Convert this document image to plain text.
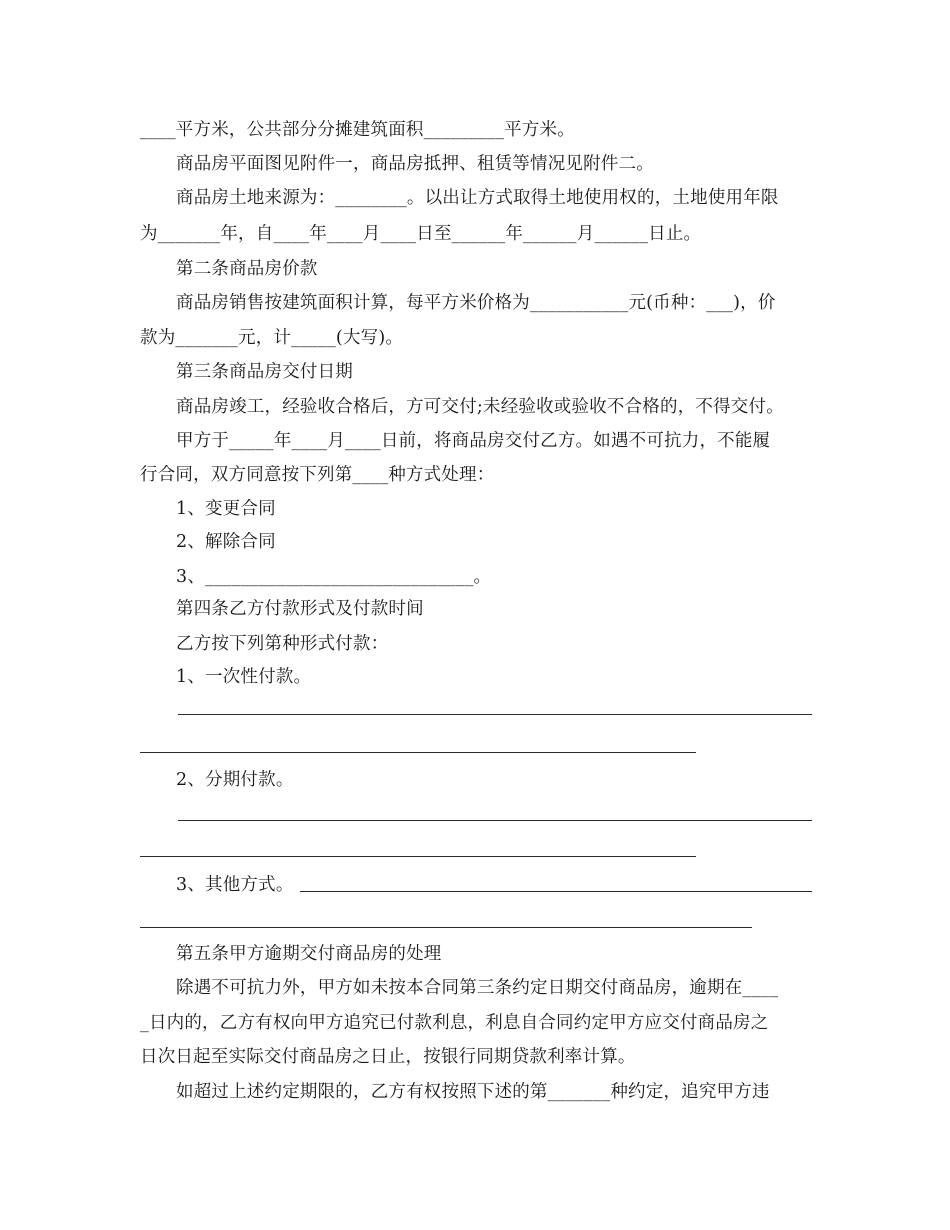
____平方米，公共部分分摊建筑面积_________平方米。
商品房平面图见附件一，商品房抵押、租赁等情况见附件二。
商品房土地来源为：________。以出让方式取得土地使用权的，土地使用年限
为_______年，自____年____月____日至______年______月______日止。
第二条商品房价款
商品房销售按建筑面积计算，每平方米价格为___________元(币种：___)，价
款为_______元，计_____(大写)。
第三条商品房交付日期
商品房竣工，经验收合格后，方可交付;未经验收或验收不合格的，不得交付。
甲方于_____年____月____日前，将商品房交付乙方。如遇不可抗力，不能履
行合同，双方同意按下列第____种方式处理：
1、变更合同
2、解除合同
3、______________________________。
第四条乙方付款形式及付款时间
乙方按下列第种形式付款：
1、一次性付款。
2、分期付款。
3、其他方式。
第五条甲方逾期交付商品房的处理
除遇不可抗力外，甲方如未按本合同第三条约定日期交付商品房，逾期在____
_日内的，乙方有权向甲方追究已付款利息，利息自合同约定甲方应交付商品房之
日次日起至实际交付商品房之日止，按银行同期贷款利率计算。
如超过上述约定期限的，乙方有权按照下述的第_______种约定，追究甲方违
